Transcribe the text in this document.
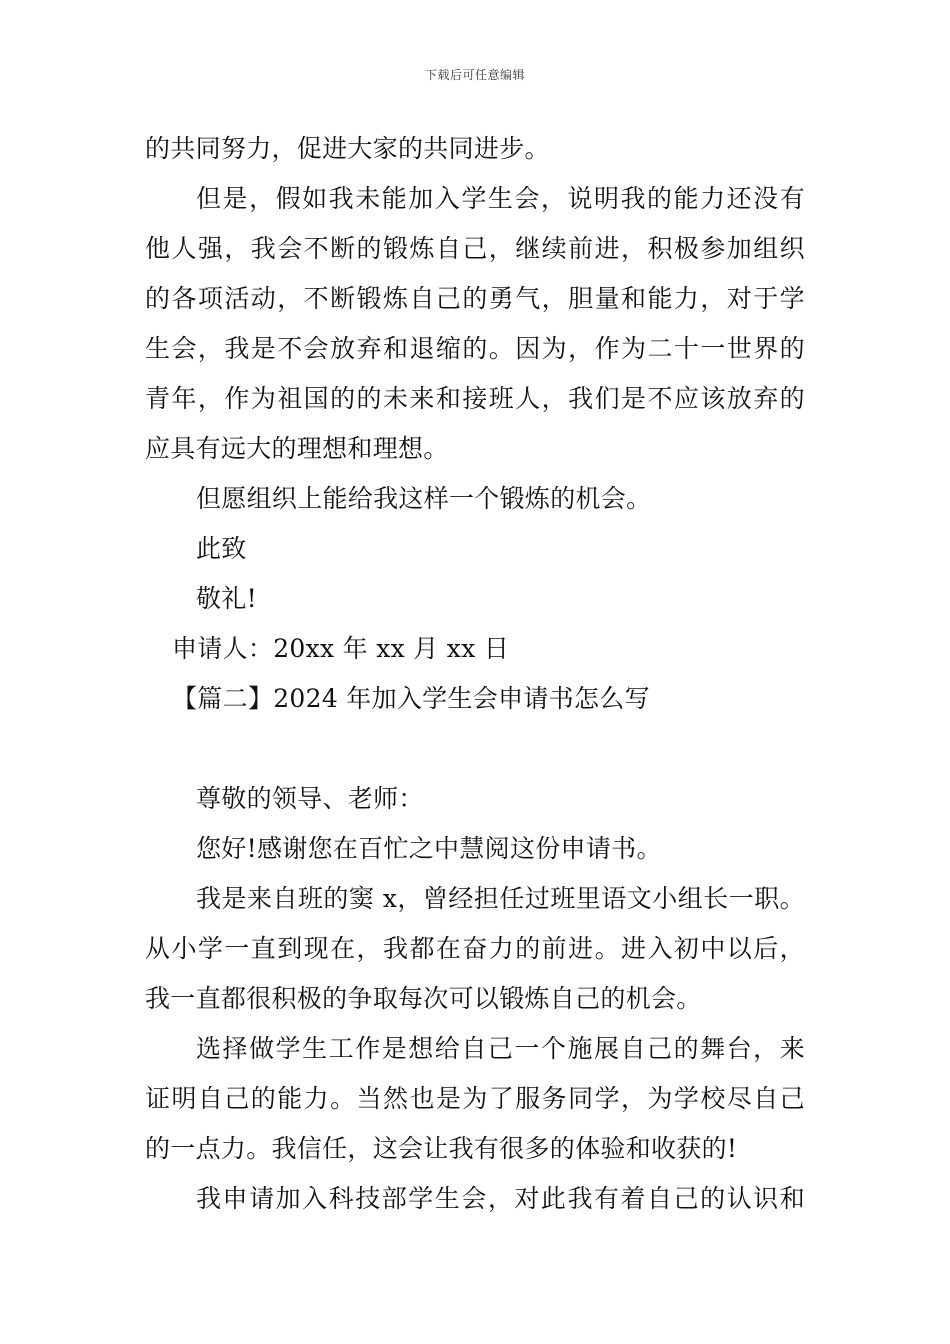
下载后可任意编辑
的共同努力，促进大家的共同进步。
但是，假如我未能加入学生会，说明我的能力还没有
他人强，我会不断的锻炼自己，继续前进，积极参加组织
的各项活动，不断锻炼自己的勇气，胆量和能力，对于学
生会，我是不会放弃和退缩的。因为，作为二十一世界的
青年，作为祖国的的未来和接班人，我们是不应该放弃的
应具有远大的理想和理想。
但愿组织上能给我这样一个锻炼的机会。
此致
敬礼!
申请人：20xx 年 xx 月 xx 日
【篇二】2024 年加入学生会申请书怎么写
尊敬的领导、老师：
您好!感谢您在百忙之中慧阅这份申请书。
我是来自班的窦 x，曾经担任过班里语文小组长一职。
从小学一直到现在，我都在奋力的前进。进入初中以后，
我一直都很积极的争取每次可以锻炼自己的机会。
选择做学生工作是想给自己一个施展自己的舞台，来
证明自己的能力。当然也是为了服务同学，为学校尽自己
的一点力。我信任，这会让我有很多的体验和收获的!
我申请加入科技部学生会，对此我有着自己的认识和
